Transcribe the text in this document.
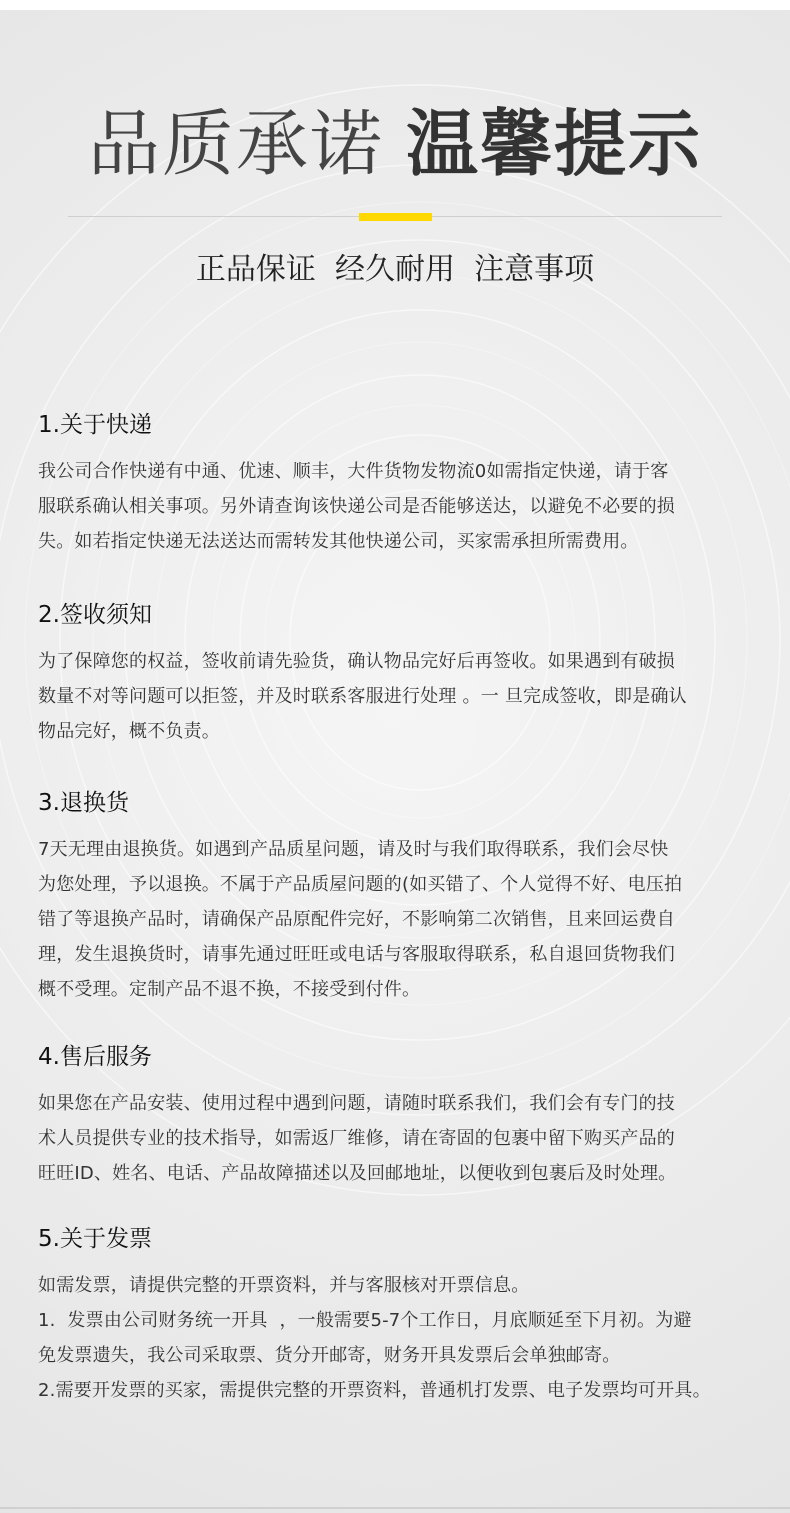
品质承诺 温馨提示
正品保证  经久耐用  注意事项
1.关于快递

我公司合作快递有中通、优速、顺丰，大件货物发物流0如需指定快递，请于客

服联系确认相关事项。另外请查询该快递公司是否能够送达，以避免不必要的损

失。如若指定快递无法送达而需转发其他快递公司，买家需承担所需费用。

2.签收须知

为了保障您的权益，签收前请先验货，确认物品完好后再签收。如果遇到有破损

数量不对等问题可以拒签，并及时联系客服进行处理 。一 旦完成签收，即是确认

物品完好，概不负责。

3.退换货

7天无理由退换货。如遇到产品质星问题，请及时与我们取得联系，我们会尽快

为您处理，予以退换。不属于产品质屋问题的(如买错了、个人觉得不好、电压拍

错了等退换产品时，请确保产品原配件完好，不影响第二次销售，且来回运费自

理，发生退换货时，请事先通过旺旺或电话与客服取得联系，私自退回货物我们

概不受理。定制产品不退不换，不接受到付件。

4.售后服务

如果您在产品安装、使用过程中遇到问题，请随时联系我们，我们会有专门的技

术人员提供专业的技术指导，如需返厂维修，请在寄固的包裹中留下购买产品的

旺旺ID、姓名、电话、产品故障描述以及回邮地址，以便收到包裹后及时处理。

5.关于发票

如需发票，请提供完整的开票资料，并与客服核对开票信息。

1.  发票由公司财务统一开具  ，一般需要5-7个工作日，月底顺延至下月初。为避

免发票遗失，我公司采取票、货分开邮寄，财务开具发票后会单独邮寄。

2.需要开发票的买家，需提供完整的开票资料，普通机打发票、电子发票均可开具。
